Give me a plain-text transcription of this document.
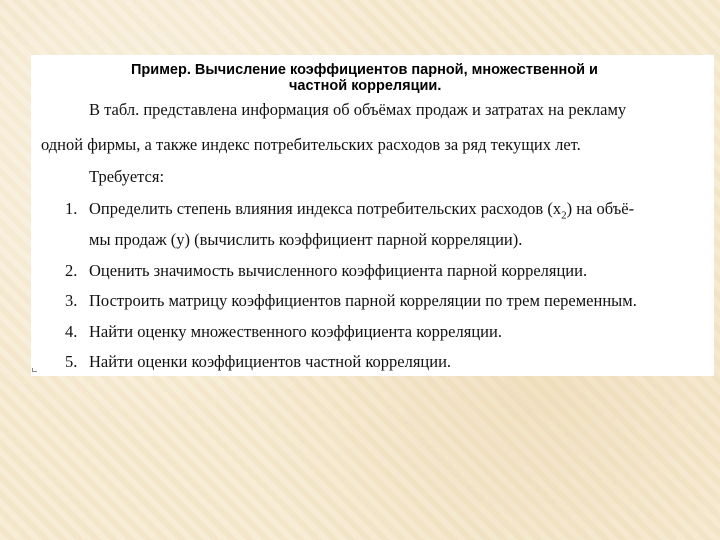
Пример. Вычисление коэффициентов парной, множественной и
частной корреляции.
В табл. представлена информация об объёмах продаж и затратах на рекламу
одной фирмы, а также индекс потребительских расходов за ряд текущих лет.
Требуется:
1. Определить степень влияния индекса потребительских расходов $(х_2)$ на объё-
мы продаж (у) (вычислить коэффициент парной корреляции).
2. Оценить значимость вычисленного коэффициента парной корреляции.
3. Построить матрицу коэффициентов парной корреляции по трем переменным.
4. Найти оценку множественного коэффициента корреляции.
5. Найти оценки коэффициентов частной корреляции.
